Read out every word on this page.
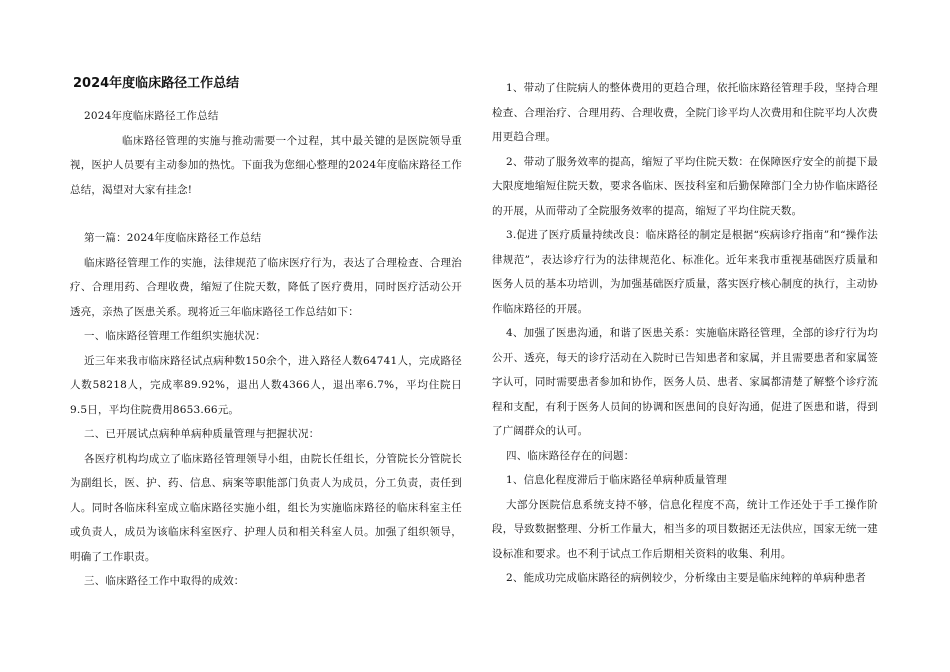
2024年度临床路径工作总结

2024年度临床路径工作总结

临床路径管理的实施与推动需要一个过程，其中最关键的是医院领导重视，医护人员要有主动参加的热忱。下面我为您细心整理的2024年度临床路径工作总结，渴望对大家有挂念!

第一篇：2024年度临床路径工作总结

临床路径管理工作的实施，法律规范了临床医疗行为，表达了合理检查、合理治疗、合理用药、合理收费，缩短了住院天数，降低了医疗费用，同时医疗活动公开透亮，亲热了医患关系。现将近三年临床路径工作总结如下：

一、临床路径管理工作组织实施状况：

近三年来我市临床路径试点病种数150余个，进入路径人数64741人，完成路径人数58218人，完成率89.92%，退出人数4366人，退出率6.7%，平均住院日9.5日，平均住院费用8653.66元。

二、已开展试点病种单病种质量管理与把握状况：

各医疗机构均成立了临床路径管理领导小组，由院长任组长，分管院长分管院长为副组长，医、护、药、信息、病案等职能部门负责人为成员，分工负责，责任到人。同时各临床科室成立临床路径实施小组，组长为实施临床路径的临床科室主任或负责人，成员为该临床科室医疗、护理人员和相关科室人员。加强了组织领导，明确了工作职责。

三、临床路径工作中取得的成效：

1、带动了住院病人的整体费用的更趋合理，依托临床路径管理手段，坚持合理检查、合理治疗、合理用药、合理收费，全院门诊平均人次费用和住院平均人次费用更趋合理。

2、带动了服务效率的提高，缩短了平均住院天数：在保障医疗安全的前提下最大限度地缩短住院天数，要求各临床、医技科室和后勤保障部门全力协作临床路径的开展，从而带动了全院服务效率的提高，缩短了平均住院天数。

3.促进了医疗质量持续改良：临床路径的制定是根据“疾病诊疗指南”和“操作法律规范”，表达诊疗行为的法律规范化、标准化。近年来我市重视基础医疗质量和医务人员的基本功培训，为加强基础医疗质量，落实医疗核心制度的执行，主动协作临床路径的开展。

4、加强了医患沟通，和谐了医患关系：实施临床路径管理，全部的诊疗行为均公开、透亮，每天的诊疗活动在入院时已告知患者和家属，并且需要患者和家属签字认可，同时需要患者参加和协作，医务人员、患者、家属都清楚了解整个诊疗流程和支配，有利于医务人员间的协调和医患间的良好沟通，促进了医患和谐，得到了广阔群众的认可。

四、临床路径存在的问题：

1、信息化程度滞后于临床路径单病种质量管理

大部分医院信息系统支持不够，信息化程度不高，统计工作还处于手工操作阶段，导致数据整理、分析工作量大，相当多的项目数据还无法供应，国家无统一建设标准和要求。也不利于试点工作后期相关资料的收集、利用。

2、能成功完成临床路径的病例较少，分析缘由主要是临床纯粹的单病种患者
